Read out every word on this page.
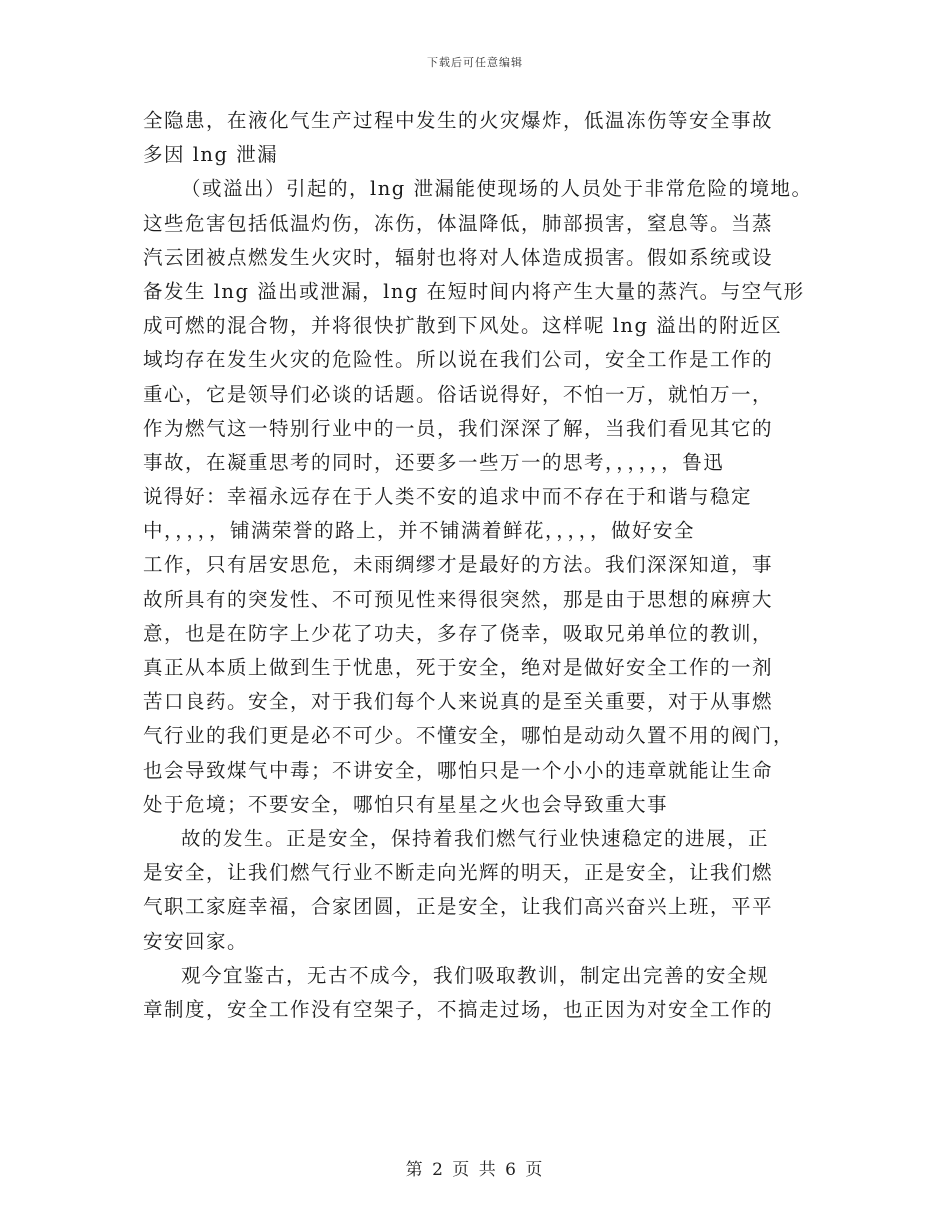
下载后可任意编辑
全隐患，在液化气生产过程中发生的火灾爆炸，低温冻伤等安全事故
多因 lng 泄漏
（或溢出）引起的，lng 泄漏能使现场的人员处于非常危险的境地。
这些危害包括低温灼伤，冻伤，体温降低，肺部损害，窒息等。当蒸
汽云团被点燃发生火灾时，辐射也将对人体造成损害。假如系统或设
备发生 lng 溢出或泄漏，lng 在短时间内将产生大量的蒸汽。与空气形
成可燃的混合物，并将很快扩散到下风处。这样呢 lng 溢出的附近区
域均存在发生火灾的危险性。所以说在我们公司，安全工作是工作的
重心，它是领导们必谈的话题。俗话说得好，不怕一万，就怕万一，
作为燃气这一特别行业中的一员，我们深深了解，当我们看见其它的
事故，在凝重思考的同时，还要多一些万一的思考，，，，，，鲁迅
说得好：幸福永远存在于人类不安的追求中而不存在于和谐与稳定
中，，，，，铺满荣誉的路上，并不铺满着鲜花，，，，，做好安全
工作，只有居安思危，未雨绸缪才是最好的方法。我们深深知道，事
故所具有的突发性、不可预见性来得很突然，那是由于思想的麻痹大
意，也是在防字上少花了功夫，多存了侥幸，吸取兄弟单位的教训，
真正从本质上做到生于忧患，死于安全，绝对是做好安全工作的一剂
苦口良药。安全，对于我们每个人来说真的是至关重要，对于从事燃
气行业的我们更是必不可少。不懂安全，哪怕是动动久置不用的阀门，
也会导致煤气中毒；不讲安全，哪怕只是一个小小的违章就能让生命
处于危境；不要安全，哪怕只有星星之火也会导致重大事
故的发生。正是安全，保持着我们燃气行业快速稳定的进展，正
是安全，让我们燃气行业不断走向光辉的明天，正是安全，让我们燃
气职工家庭幸福，合家团圆，正是安全，让我们高兴奋兴上班，平平
安安回家。
观今宜鉴古，无古不成今，我们吸取教训，制定出完善的安全规
章制度，安全工作没有空架子，不搞走过场，也正因为对安全工作的
第 2 页 共 6 页
